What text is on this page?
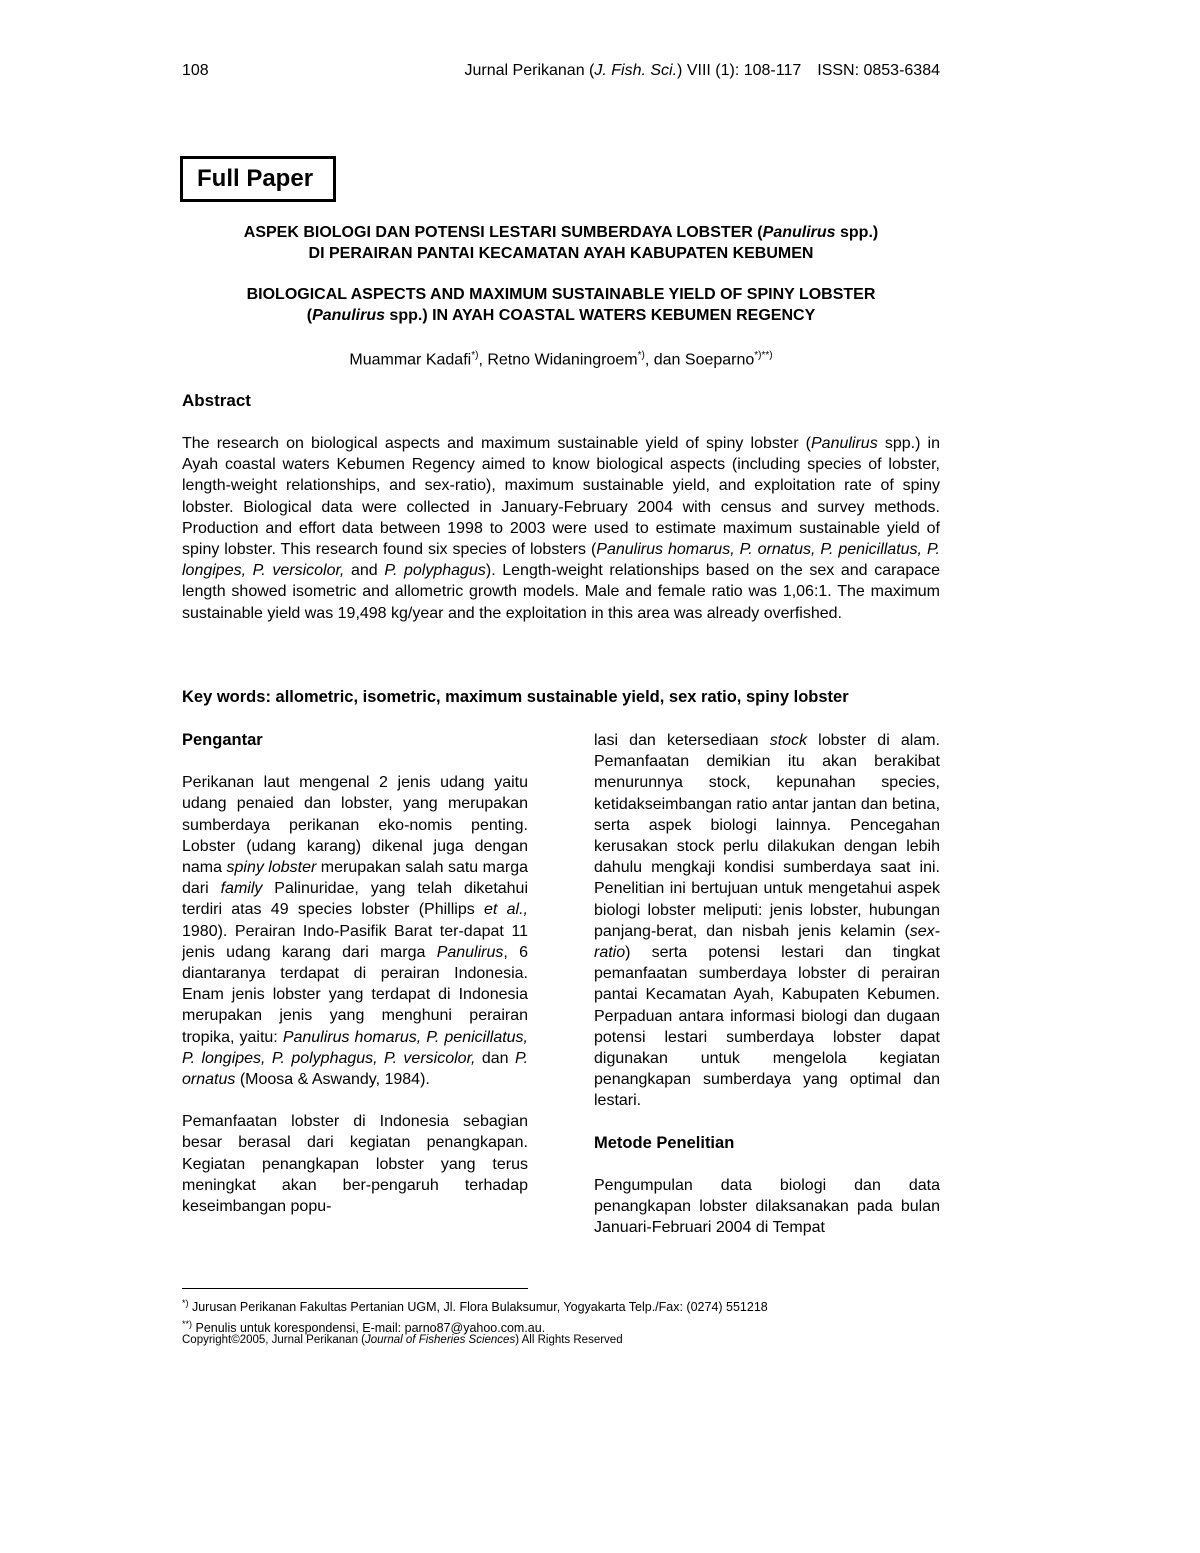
108	Jurnal Perikanan (J. Fish. Sci.) VIII (1): 108-117 ISSN: 0853-6384
Full Paper
ASPEK BIOLOGI DAN POTENSI LESTARI SUMBERDAYA LOBSTER (Panulirus spp.)
DI PERAIRAN PANTAI KECAMATAN AYAH KABUPATEN KEBUMEN
BIOLOGICAL ASPECTS AND MAXIMUM SUSTAINABLE YIELD OF SPINY LOBSTER
(Panulirus spp.) IN AYAH COASTAL WATERS KEBUMEN REGENCY
Muammar Kadafi*), Retno Widaningroem*), dan Soeparno*)**)
Abstract

The research on biological aspects and maximum sustainable yield of spiny lobster (Panulirus spp.) in Ayah coastal waters Kebumen Regency aimed to know biological aspects (including species of lobster, length-weight relationships, and sex-ratio), maximum sustainable yield, and exploitation rate of spiny lobster. Biological data were collected in January-February 2004 with census and survey methods. Production and effort data between 1998 to 2003 were used to estimate maximum sustainable yield of spiny lobster. This research found six species of lobsters (Panulirus homarus, P. ornatus, P. penicillatus, P. longipes, P. versicolor, and P. polyphagus). Length-weight relationships based on the sex and carapace length showed isometric and allometric growth models. Male and female ratio was 1,06:1. The maximum sustainable yield was 19,498 kg/year and the exploitation in this area was already overfished.

Key words: allometric, isometric, maximum sustainable yield, sex ratio, spiny lobster
Pengantar

Perikanan laut mengenal 2 jenis udang yaitu udang penaied dan lobster, yang merupakan sumberdaya perikanan eko-nomis penting. Lobster (udang karang) dikenal juga dengan nama spiny lobster merupakan salah satu marga dari family Palinuridae, yang telah diketahui terdiri atas 49 species lobster (Phillips et al., 1980). Perairan Indo-Pasifik Barat ter-dapat 11 jenis udang karang dari marga Panulirus, 6 diantaranya terdapat di perairan Indonesia. Enam jenis lobster yang terdapat di Indonesia merupakan jenis yang menghuni perairan tropika, yaitu: Panulirus homarus, P. penicillatus, P. longipes, P. polyphagus, P. versicolor, dan P. ornatus (Moosa & Aswandy, 1984).

Pemanfaatan lobster di Indonesia sebagian besar berasal dari kegiatan penangkapan. Kegiatan penangkapan lobster yang terus meningkat akan ber-pengaruh terhadap keseimbangan popu-

lasi dan ketersediaan stock lobster di alam. Pemanfaatan demikian itu akan berakibat menurunnya stock, kepunahan species, ketidakseimbangan ratio antar jantan dan betina, serta aspek biologi lainnya. Pencegahan kerusakan stock perlu dilakukan dengan lebih dahulu mengkaji kondisi sumberdaya saat ini. Penelitian ini bertujuan untuk mengetahui aspek biologi lobster meliputi: jenis lobster, hubungan panjang-berat, dan nisbah jenis kelamin (sex-ratio) serta potensi lestari dan tingkat pemanfaatan sumberdaya lobster di perairan pantai Kecamatan Ayah, Kabupaten Kebumen. Perpaduan antara informasi biologi dan dugaan potensi lestari sumberdaya lobster dapat digunakan untuk mengelola kegiatan penangkapan sumberdaya yang optimal dan lestari.

Metode Penelitian

Pengumpulan data biologi dan data penangkapan lobster dilaksanakan pada bulan Januari-Februari 2004 di Tempat

*) Jurusan Perikanan Fakultas Pertanian UGM, Jl. Flora Bulaksumur, Yogyakarta Telp./Fax: (0274) 551218
**) Penulis untuk korespondensi, E-mail: parno87@yahoo.com.au.
Copyright©2005, Jurnal Perikanan (Journal of Fisheries Sciences) All Rights Reserved
